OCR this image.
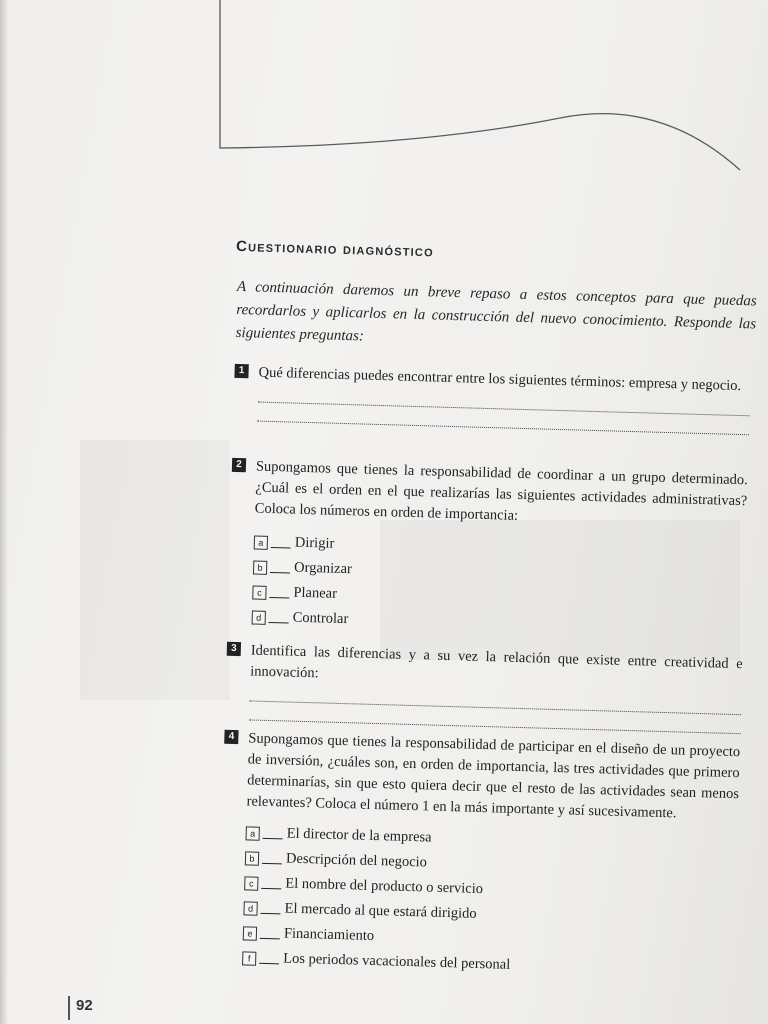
Cuestionario diagnóstico
A continuación daremos un breve repaso a estos conceptos para que puedas recordarlos y aplicarlos en la construcción del nuevo conocimiento. Responde las siguientes preguntas:
1 Qué diferencias puedes encontrar entre los siguientes términos: empresa y negocio.
2 Supongamos que tienes la responsabilidad de coordinar a un grupo determinado. ¿Cuál es el orden en el que realizarías las siguientes actividades administrativas? Coloca los números en orden de importancia:
a	Dirigir
b	Organizar
c	Planear
d	Controlar
3 Identifica las diferencias y a su vez la relación que existe entre creatividad e innovación:
4 Supongamos que tienes la responsabilidad de participar en el diseño de un proyecto de inversión, ¿cuáles son, en orden de importancia, las tres actividades que primero determinarías, sin que esto quiera decir que el resto de las actividades sean menos relevantes? Coloca el número 1 en la más importante y así sucesivamente.
a	El director de la empresa
b	Descripción del negocio
c	El nombre del producto o servicio
d	El mercado al que estará dirigido
e	Financiamiento
f	Los periodos vacacionales del personal
92
